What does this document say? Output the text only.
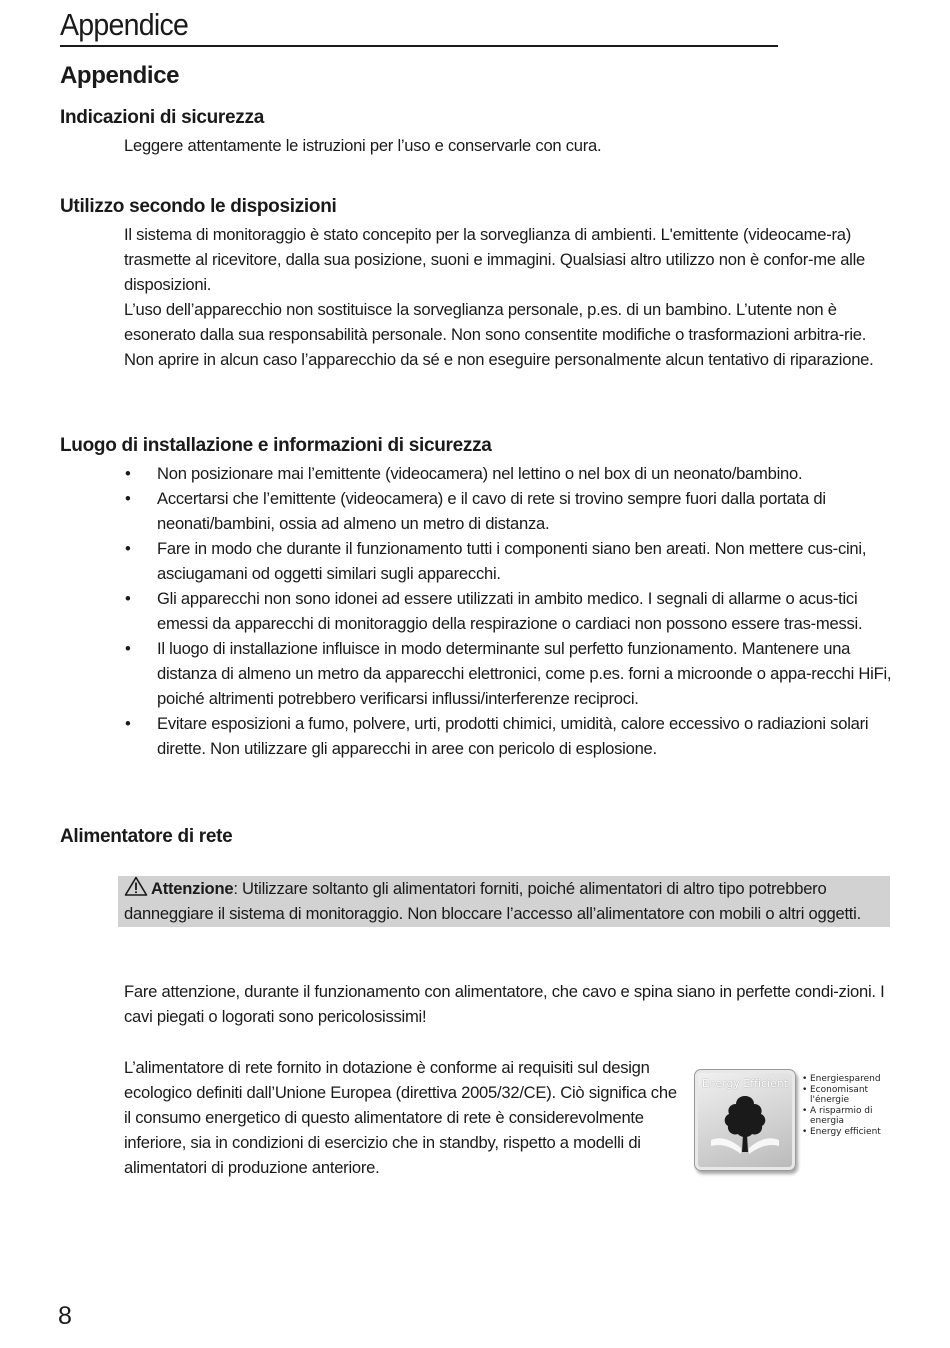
Appendice
Appendice
Indicazioni di sicurezza

Leggere attentamente le istruzioni per l’uso e conservarle con cura.

Utilizzo secondo le disposizioni

Il sistema di monitoraggio è stato concepito per la sorveglianza di ambienti. L'emittente (videocame-ra) trasmette al ricevitore, dalla sua posizione, suoni e immagini. Qualsiasi altro utilizzo non è confor-me alle disposizioni.

L’uso dell’apparecchio non sostituisce la sorveglianza personale, p.es. di un bambino. L’utente non è esonerato dalla sua responsabilità personale. Non sono consentite modifiche o trasformazioni arbitra-rie. Non aprire in alcun caso l’apparecchio da sé e non eseguire personalmente alcun tentativo di riparazione.

Luogo di installazione e informazioni di sicurezza
• Non posizionare mai l’emittente (videocamera) nel lettino o nel box di un neonato/bambino.
• Accertarsi che l’emittente (videocamera) e il cavo di rete si trovino sempre fuori dalla portata di neonati/bambini, ossia ad almeno un metro di distanza.
• Fare in modo che durante il funzionamento tutti i componenti siano ben areati. Non mettere cus-cini, asciugamani od oggetti similari sugli apparecchi.
• Gli apparecchi non sono idonei ad essere utilizzati in ambito medico. I segnali di allarme o acus-tici emessi da apparecchi di monitoraggio della respirazione o cardiaci non possono essere tras-messi.
• Il luogo di installazione influisce in modo determinante sul perfetto funzionamento. Mantenere una distanza di almeno un metro da apparecchi elettronici, come p.es. forni a microonde o appa-recchi HiFi, poiché altrimenti potrebbero verificarsi influssi/interferenze reciproci.
• Evitare esposizioni a fumo, polvere, urti, prodotti chimici, umidità, calore eccessivo o radiazioni solari dirette. Non utilizzare gli apparecchi in aree con pericolo di esplosione.
Alimentatore di rete
Attenzione: Utilizzare soltanto gli alimentatori forniti, poiché alimentatori di altro tipo potrebbero danneggiare il sistema di monitoraggio. Non bloccare l’accesso all’alimentatore con mobili o altri oggetti.

Fare attenzione, durante il funzionamento con alimentatore, che cavo e spina siano in perfette condi-zioni. I cavi piegati o logorati sono pericolosissimi!

L’alimentatore di rete fornito in dotazione è conforme ai requisiti sul design ecologico definiti dall’Unione Europea (direttiva 2005/32/CE). Ciò significa che il consumo energetico di questo alimentatore di rete è considerevolmente inferiore, sia in condizioni di esercizio che in standby, rispetto a modelli di alimentatori di produzione anteriore.

Energy Efficient
•	Energiesparend
• Economisant l'énergie
• A risparmio di energia
• Energy efficient
8
